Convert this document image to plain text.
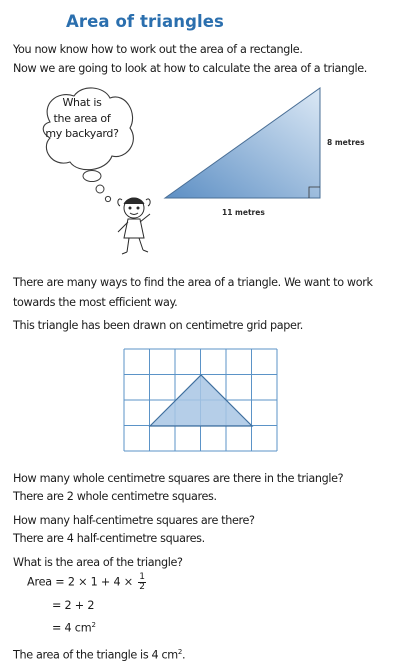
Area of triangles
You now know how to work out the area of a rectangle.
Now we are going to look at how to calculate the area of a triangle.
What is
the area of
my backyard?
8 metres
11 metres
There are many ways to find the area of a triangle. We want to work
towards the most efficient way.
This triangle has been drawn on centimetre grid paper.
How many whole centimetre squares are there in the triangle?
There are 2 whole centimetre squares.
How many half-centimetre squares are there?
There are 4 half-centimetre squares.
What is the area of the triangle?
Area = $2 \times 1 + 4 \times \frac{1}{2}$
= 2 + 2
= 4 $cm^2$
The area of the triangle is 4 $cm^2$.
